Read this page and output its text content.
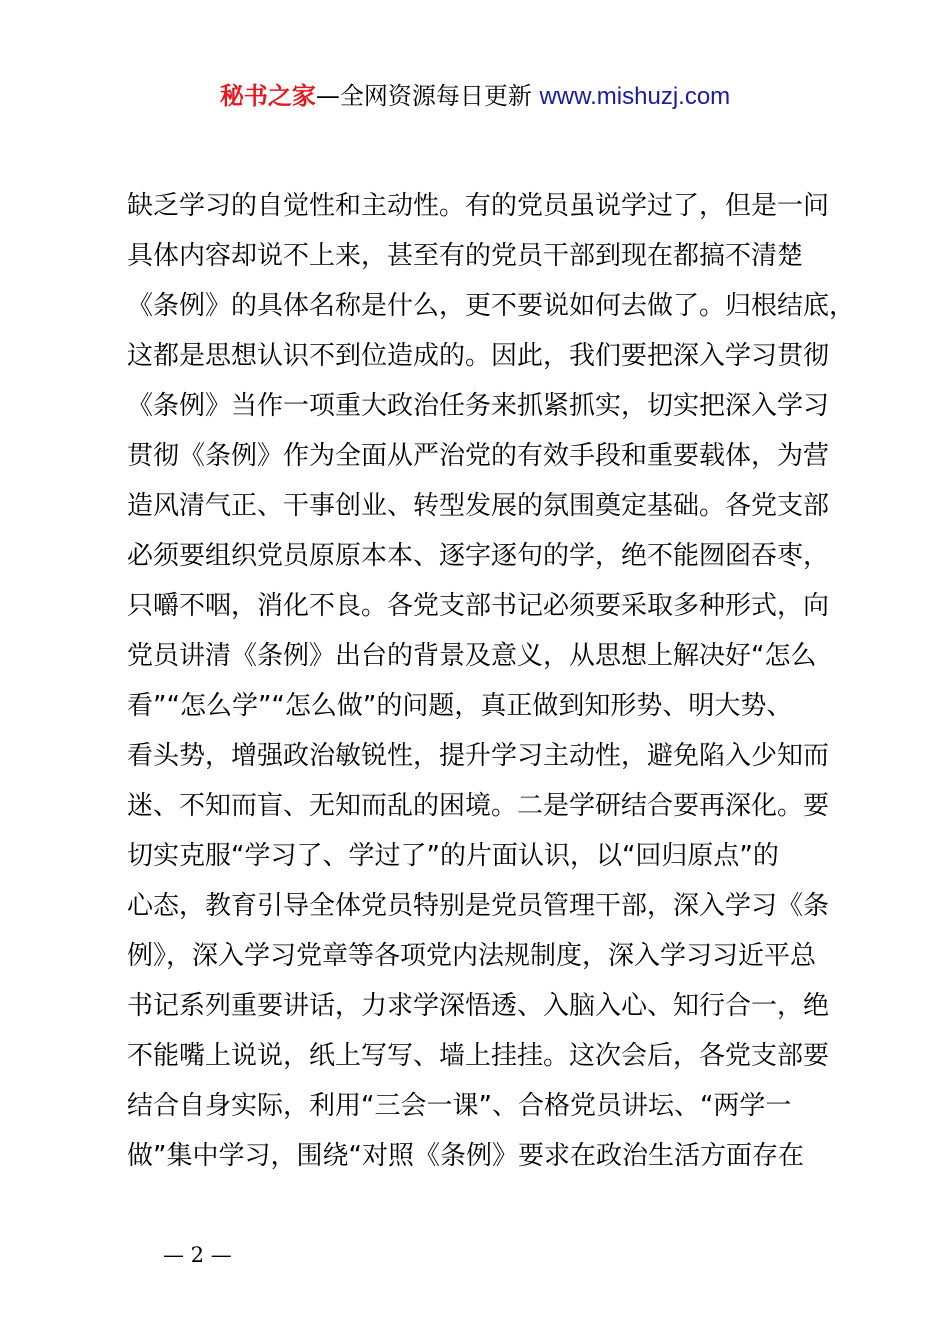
秘书之家—全网资源每日更新 www.mishuzj.com
缺乏学习的自觉性和主动性。有的党员虽说学过了，但是一问
具体内容却说不上来，甚至有的党员干部到现在都搞不清楚
《条例》的具体名称是什么，更不要说如何去做了。归根结底，
这都是思想认识不到位造成的。因此，我们要把深入学习贯彻
《条例》当作一项重大政治任务来抓紧抓实，切实把深入学习
贯彻《条例》作为全面从严治党的有效手段和重要载体，为营
造风清气正、干事创业、转型发展的氛围奠定基础。各党支部
必须要组织党员原原本本、逐字逐句的学，绝不能囫囵吞枣，
只嚼不咽，消化不良。各党支部书记必须要采取多种形式，向
党员讲清《条例》出台的背景及意义，从思想上解决好“怎么
看”“怎么学”“怎么做”的问题，真正做到知形势、明大势、
看头势，增强政治敏锐性，提升学习主动性，避免陷入少知而
迷、不知而盲、无知而乱的困境。二是学研结合要再深化。要
切实克服“学习了、学过了”的片面认识，以“回归原点”的
心态，教育引导全体党员特别是党员管理干部，深入学习《条
例》，深入学习党章等各项党内法规制度，深入学习习近平总
书记系列重要讲话，力求学深悟透、入脑入心、知行合一，绝
不能嘴上说说，纸上写写、墙上挂挂。这次会后，各党支部要
结合自身实际，利用“三会一课”、合格党员讲坛、“两学一
做”集中学习，围绕“对照《条例》要求在政治生活方面存在
— 2 —
